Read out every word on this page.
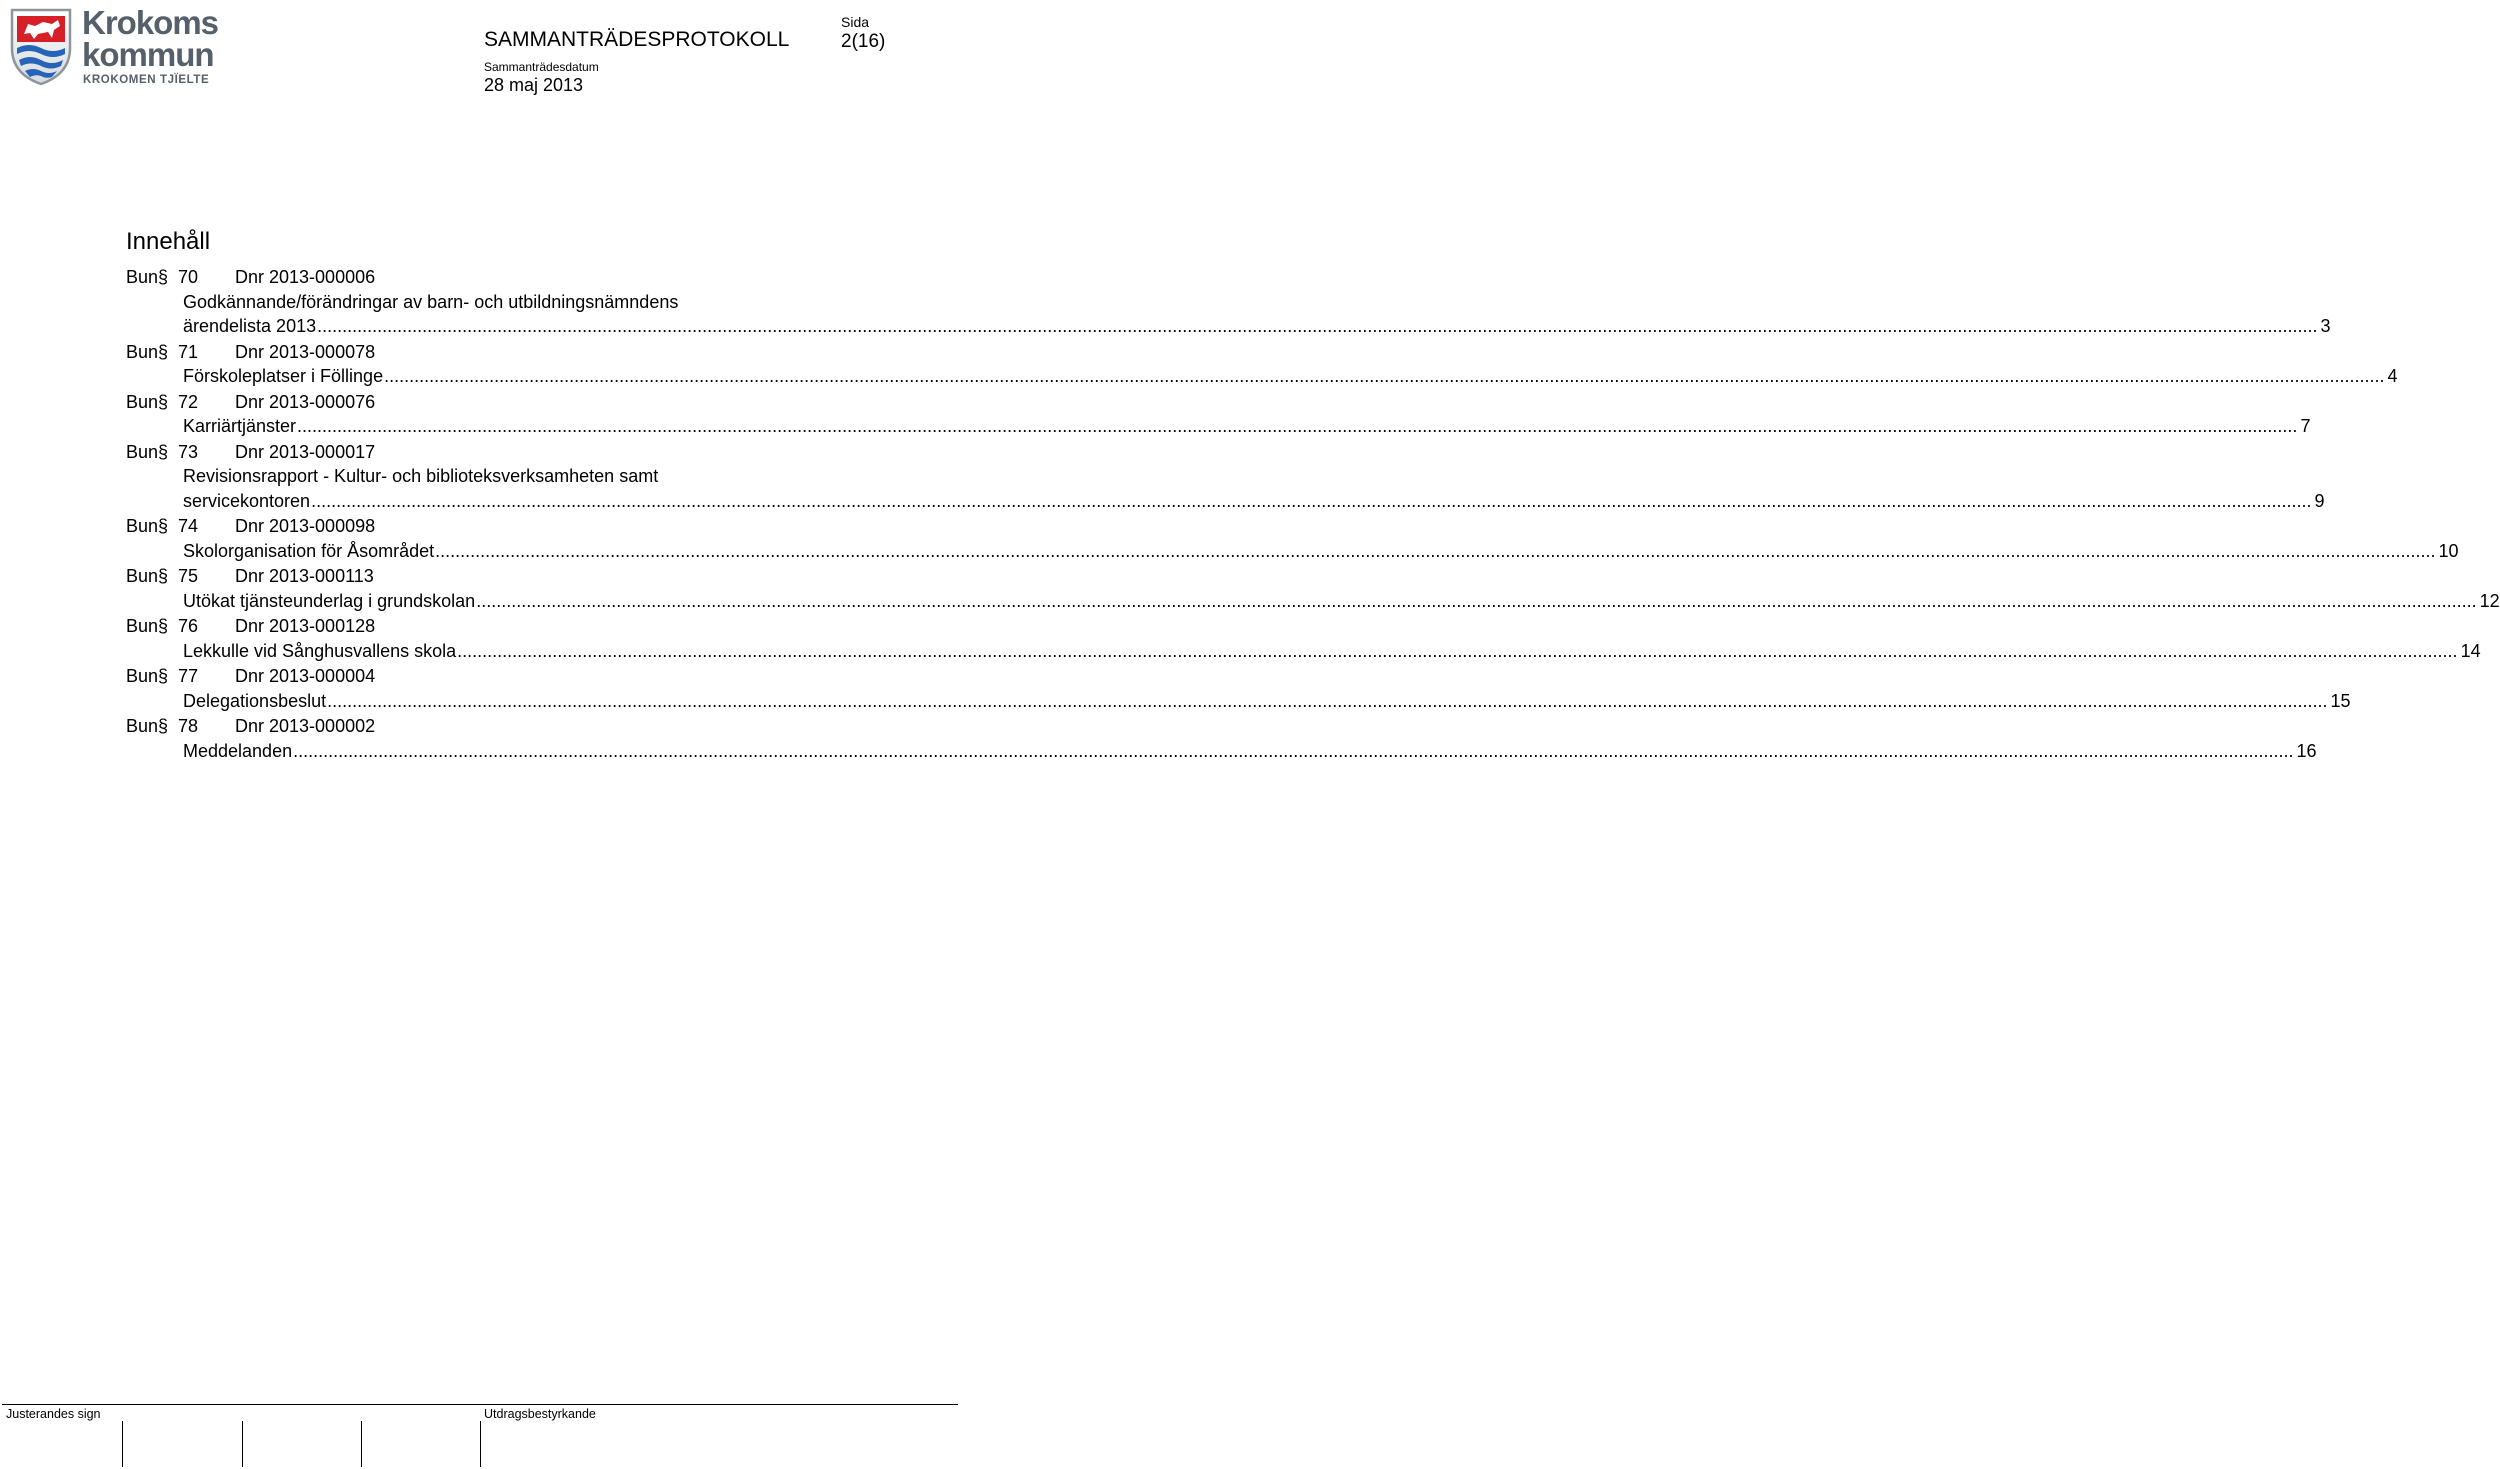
Krokoms
kommun
KROKOMEN TJÏELTE
SAMMANTRÄDESPROTOKOLL
Sida
2(16)
Sammanträdesdatum
28 maj 2013
Innehåll
Bun § 70	Dnr 2013-000006
Godkännande/förändringar av barn- och utbildningsnämndens
ärendelista 2013 ................................................................................................................................................................................................................................................................................................................................................................................................................ 3
Bun § 71	Dnr 2013-000078
Förskoleplatser i Föllinge ................................................................................................................................................................................................................................................................................................................................................................................................................ 4
Bun § 72	Dnr 2013-000076
Karriärtjänster ................................................................................................................................................................................................................................................................................................................................................................................................................ 7
Bun § 73	Dnr 2013-000017
Revisionsrapport - Kultur- och biblioteksverksamheten samt
servicekontoren ................................................................................................................................................................................................................................................................................................................................................................................................................ 9
Bun § 74	Dnr 2013-000098
Skolorganisation för Åsområdet ................................................................................................................................................................................................................................................................................................................................................................................................................ 10
Bun § 75	Dnr 2013-000113
Utökat tjänsteunderlag i grundskolan ................................................................................................................................................................................................................................................................................................................................................................................................................ 12
Bun § 76	Dnr 2013-000128
Lekkulle vid Sånghusvallens skola ................................................................................................................................................................................................................................................................................................................................................................................................................ 14
Bun § 77	Dnr 2013-000004
Delegationsbeslut ................................................................................................................................................................................................................................................................................................................................................................................................................ 15
Bun § 78	Dnr 2013-000002
Meddelanden ................................................................................................................................................................................................................................................................................................................................................................................................................ 16
Justerandes sign	Utdragsbestyrkande
